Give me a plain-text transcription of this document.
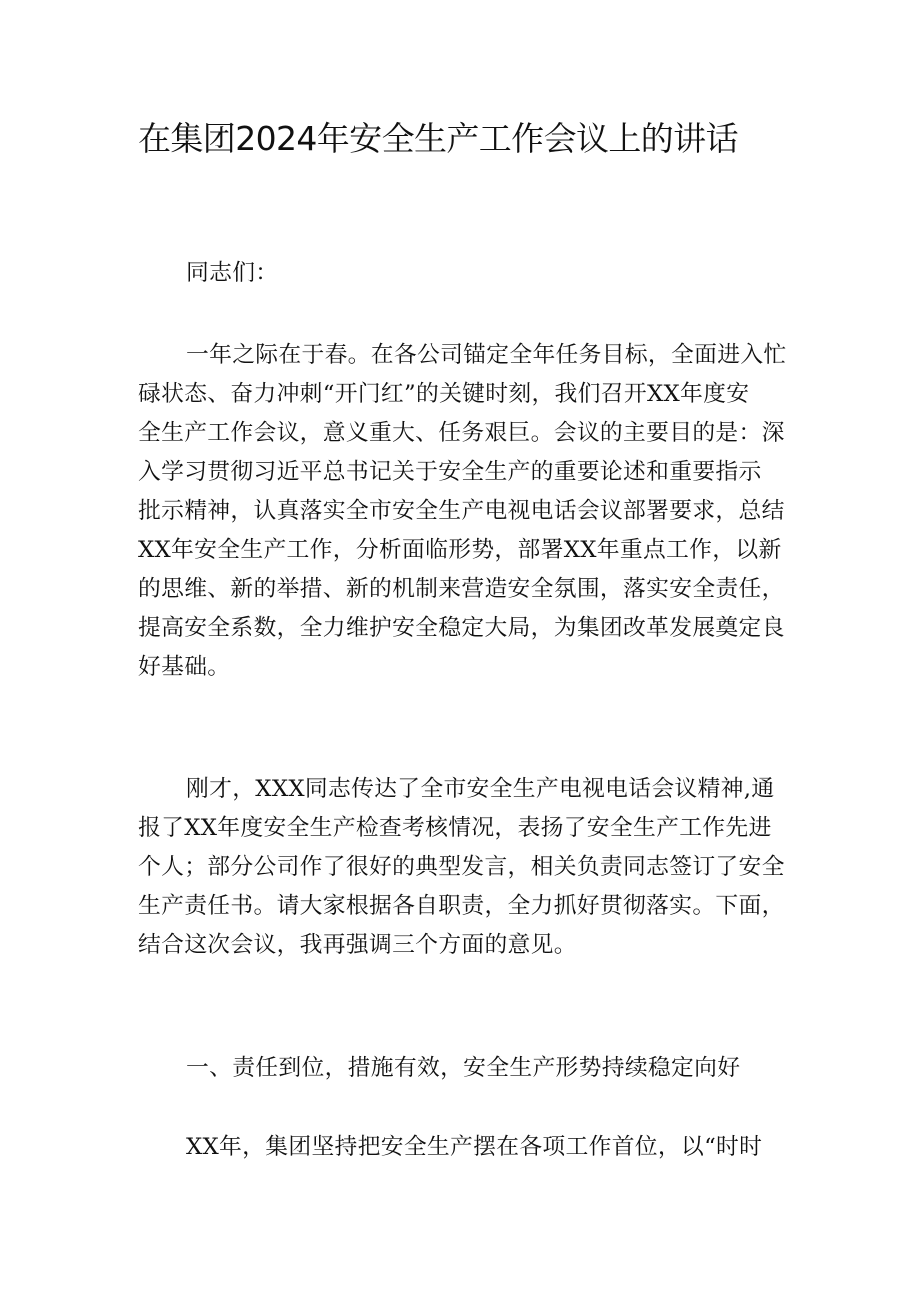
在集团2024年安全生产工作会议上的讲话
同志们：
一年之际在于春。在各公司锚定全年任务目标，全面进入忙
碌状态、奋力冲刺“开门红”的关键时刻，我们召开XX年度安
全生产工作会议，意义重大、任务艰巨。会议的主要目的是：深
入学习贯彻习近平总书记关于安全生产的重要论述和重要指示
批示精神，认真落实全市安全生产电视电话会议部署要求，总结
XX年安全生产工作，分析面临形势，部署XX年重点工作，以新
的思维、新的举措、新的机制来营造安全氛围，落实安全责任，
提高安全系数，全力维护安全稳定大局，为集团改革发展奠定良
好基础。
刚才，XXX同志传达了全市安全生产电视电话会议精神,通
报了XX年度安全生产检查考核情况，表扬了安全生产工作先进
个人；部分公司作了很好的典型发言，相关负责同志签订了安全
生产责任书。请大家根据各自职责，全力抓好贯彻落实。下面，
结合这次会议，我再强调三个方面的意见。
一、责任到位，措施有效，安全生产形势持续稳定向好
XX年，集团坚持把安全生产摆在各项工作首位，以“时时
